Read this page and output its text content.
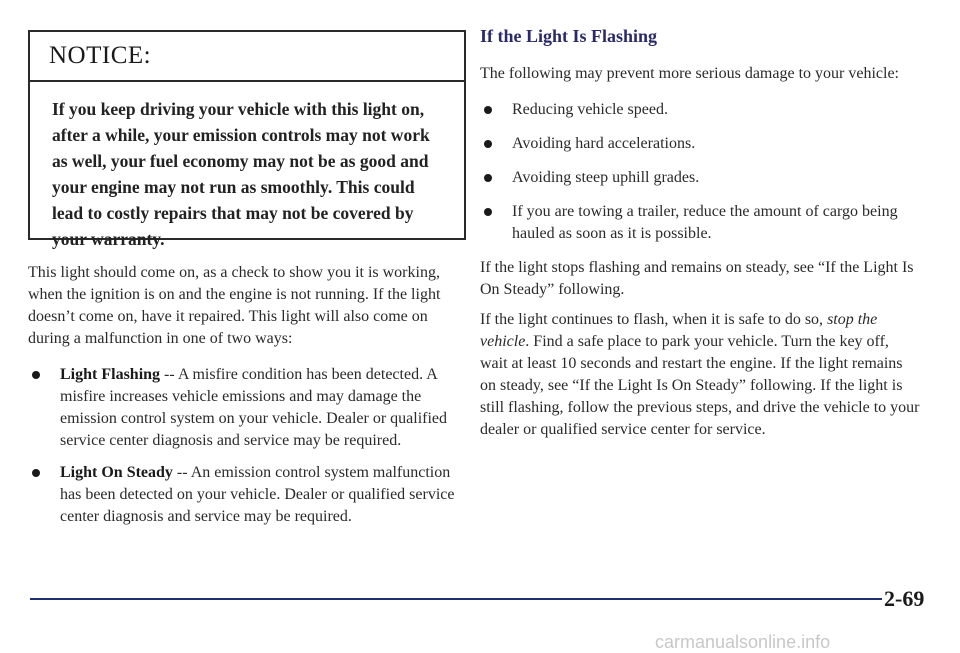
NOTICE:
If you keep driving your vehicle with this light on, after a while, your emission controls may not work as well, your fuel economy may not be as good and your engine may not run as smoothly. This could lead to costly repairs that may not be covered by your warranty.

This light should come on, as a check to show you it is working, when the ignition is on and the engine is not running. If the light doesn’t come on, have it repaired. This light will also come on during a malfunction in one of two ways:

Light Flashing -- A misfire condition has been detected. A misfire increases vehicle emissions and may damage the emission control system on your vehicle. Dealer or qualified service center diagnosis and service may be required.
Light On Steady -- An emission control system malfunction has been detected on your vehicle. Dealer or qualified service center diagnosis and service may be required.
If the Light Is Flashing

The following may prevent more serious damage to your vehicle:

Reducing vehicle speed.
Avoiding hard accelerations.
Avoiding steep uphill grades.
If you are towing a trailer, reduce the amount of cargo being hauled as soon as it is possible.

If the light stops flashing and remains on steady, see “If the Light Is On Steady” following.

If the light continues to flash, when it is safe to do so, stop the vehicle. Find a safe place to park your vehicle. Turn the key off, wait at least 10 seconds and restart the engine. If the light remains on steady, see “If the Light Is On Steady” following. If the light is still flashing, follow the previous steps, and drive the vehicle to your dealer or qualified service center for service.

2-69
carmanualsonline.info
